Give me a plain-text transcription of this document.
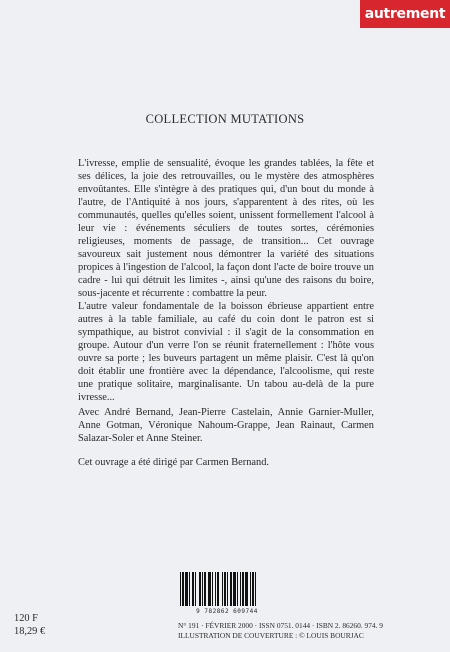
autrement
COLLECTION MUTATIONS

L'ivresse, emplie de sensualité, évoque les grandes tablées, la fête et ses délices, la joie des retrouvailles, ou le mystère des atmosphères envoûtantes. Elle s'intègre à des pratiques qui, d'un bout du monde à l'autre, de l'Antiquité à nos jours, s'apparentent à des rites, où les communautés, quelles qu'elles soient, unissent formellement l'alcool à leur vie : événements séculiers de toutes sortes, cérémonies religieuses, moments de passage, de transition... Cet ouvrage savoureux sait justement nous démontrer la variété des situations propices à l'ingestion de l'alcool, la façon dont l'acte de boire trouve un cadre - lui qui détruit les limites -, ainsi qu'une des raisons du boire, sous-jacente et récurrente : combattre la peur.

L'autre valeur fondamentale de la boisson ébrieuse appartient entre autres à la table familiale, au café du coin dont le patron est si sympathique, au bistrot convivial : il s'agit de la consommation en groupe. Autour d'un verre l'on se réunit fraternellement : l'hôte vous ouvre sa porte ; les buveurs partagent un même plaisir. C'est là qu'on doit établir une frontière avec la dépendance, l'alcoolisme, qui reste une pratique solitaire, marginalisante. Un tabou au-delà de la pure ivresse...

Avec André Bernand, Jean-Pierre Castelain, Annie Garnier-Muller, Anne Gotman, Véronique Nahoum-Grappe, Jean Rainaut, Carmen Salazar-Soler et Anne Steiner.

Cet ouvrage a été dirigé par Carmen Bernand.

120 F
18,29 €
9 782862 609744
N° 191 · FÉVRIER 2000 · ISSN 0751. 0144 · ISBN 2. 86260. 974. 9
ILLUSTRATION DE COUVERTURE : © LOUIS BOURJAC
